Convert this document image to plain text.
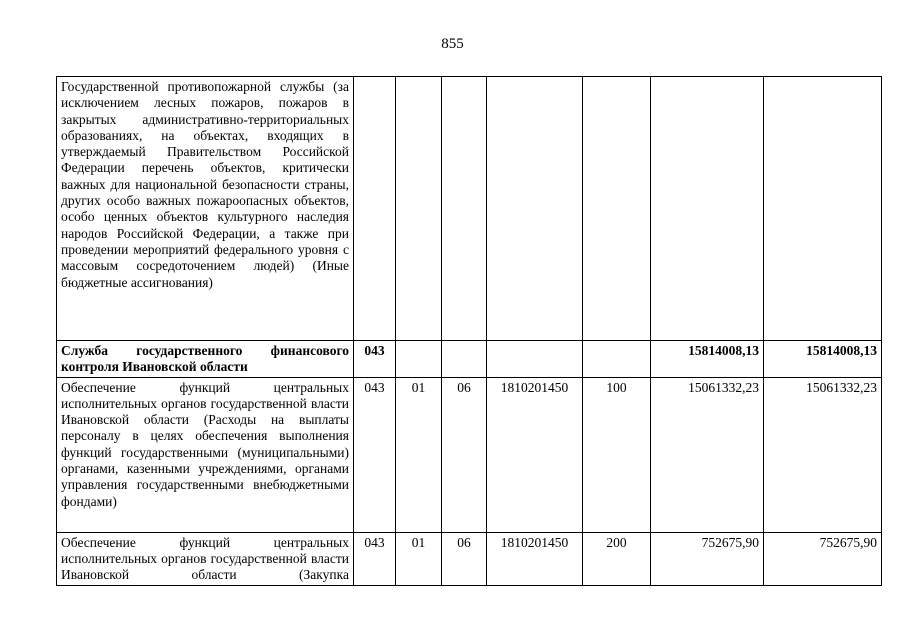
855
Государственной противопожарной службы (за исключением лесных пожаров, пожаров в закрытых административно-территориальных образованиях, на объектах, входящих в утверждаемый Правительством Российской Федерации перечень объектов, критически важных для национальной безопасности страны, других особо важных пожароопасных объектов, особо ценных объектов культурного наследия народов Российской Федерации, а также при проведении мероприятий федерального уровня с массовым сосредоточением людей) (Иные бюджетные ассигнования)							
Служба государственного финансового контроля Ивановской области	043					15814008,13	15814008,13
Обеспечение функций центральных исполнительных органов государственной власти Ивановской области (Расходы на выплаты персоналу в целях обеспечения выполнения функций государственными (муниципальными) органами, казенными учреждениями, органами управления государственными внебюджетными фондами)	043	01	06	1810201450	100	15061332,23	15061332,23
Обеспечение функций центральных исполнительных органов государственной власти Ивановской области (Закупка	043	01	06	1810201450	200	752675,90	752675,90
